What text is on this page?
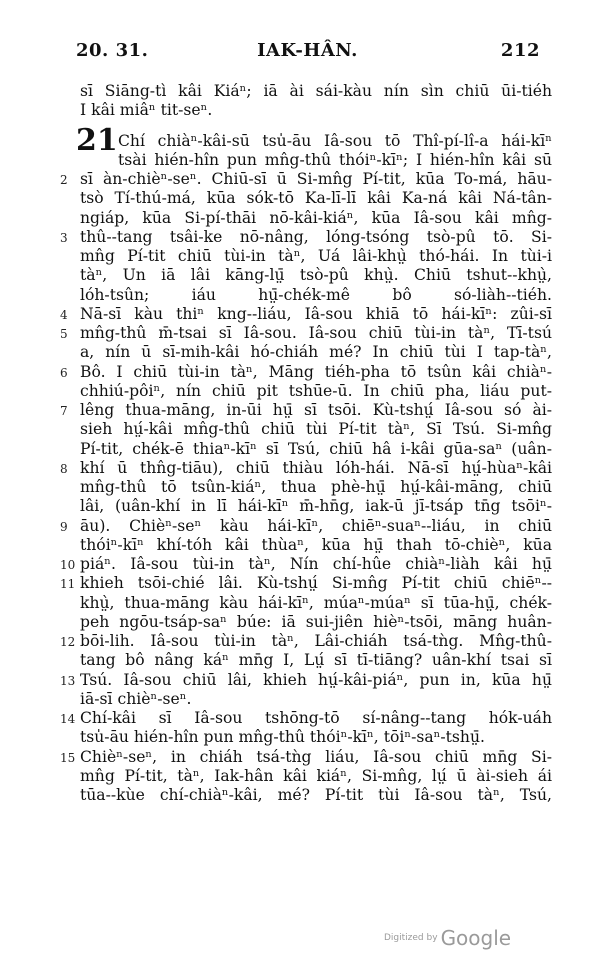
20. 31.	IAK-HÂN.	212
sī Siāng-tì kâi Kiáⁿ; iā ài sái-kàu nín sìn chiū ūi-tiéh
I kâi miâⁿ tit-seⁿ.
21 Chí chiàⁿ-kâi-sū tsu̍-āu Iâ-sou tō Thî-pí-lî-a hái-kīⁿ
tsài hién-hîn pun mn̂g-thû thóiⁿ-kīⁿ; I hién-hîn kâi sū
2 sī àn-chièⁿ-seⁿ. Chiū-sī ū Si-mn̂g Pí-tit, kūa To-má, hāu-
tsò Tí-thú-má, kūa sók-tō Ka-lī-lī kâi Ka-ná kâi Ná-tân-
ngiáp, kūa Si-pí-thāi nō-kâi-kiáⁿ, kūa Iâ-sou kâi mn̂g-
3 thû--tang tsâi-ke nō-nâng, lóng-tsóng tsò-pû tō. Si-
mn̂g Pí-tit chiū tùi-in tàⁿ, Uá lâi-khṳ̀ thó-hái. In tùi-i
tàⁿ, Un iā lâi kāng-lṳ̄ tsò-pû khṳ̀. Chiū tshut--khṳ̀,
lóh-tsûn; iáu hṳ̄-chék-mê bô só-liàh--tiéh.
4 Nā-sī kàu thiⁿ kng--liáu, Iâ-sou khiā tō hái-kīⁿ: zûi-sī
5 mn̂g-thû m̄-tsai sī Iâ-sou. Iâ-sou chiū tùi-in tàⁿ, Tī-tsú
a, nín ū sī-mih-kâi hó-chiáh mé? In chiū tùi I tap-tàⁿ,
6 Bô. I chiū tùi-in tàⁿ, Māng tiéh-pha tō tsûn kâi chiàⁿ-
chhiú-pôiⁿ, nín chiū pit tshūe-ū. In chiū pha, liáu put-
7 lêng thua-māng, in-ūi hṳ̄ sī tsōi. Kù-tshṳ́ Iâ-sou só ài-
sieh hṳ́-kâi mn̂g-thû chiū tùi Pí-tit tàⁿ, Sī Tsú. Si-mn̂g
Pí-tit, chék-ē thiaⁿ-kīⁿ sī Tsú, chiū hâ i-kâi gūa-saⁿ (uân-
8 khí ū thn̂g-tiāu), chiū thiàu lóh-hái. Nā-sī hṳ́-hùaⁿ-kâi
mn̂g-thû tō tsûn-kiáⁿ, thua phè-hṳ̄ hṳ́-kâi-māng, chiū
lâi, (uân-khí in lī hái-kīⁿ m̄-hn̄g, iak-ū jī-tsáp tn̄g tsōiⁿ-
9 āu). Chièⁿ-seⁿ kàu hái-kīⁿ, chiēⁿ-suaⁿ--liáu, in chiū
thóiⁿ-kīⁿ khí-tóh kâi thùaⁿ, kūa hṳ̄ thah tō-chièⁿ, kūa
10 piáⁿ. Iâ-sou tùi-in tàⁿ, Nín chí-hûe chiàⁿ-liàh kâi hṳ̄
11 khieh tsōi-chié lâi. Kù-tshṳ́ Si-mn̂g Pí-tit chiū chiēⁿ--
khṳ̀, thua-māng kàu hái-kīⁿ, múaⁿ-múaⁿ sī tūa-hṳ̄, chék-
peh ngōu-tsáp-saⁿ búe: iā sui-jiên hièⁿ-tsōi, māng huân-
12 bōi-lih. Iâ-sou tùi-in tàⁿ, Lâi-chiáh tsá-tǹg. Mn̂g-thû-
tang bô nâng káⁿ mn̄g I, Lṳ́ sī tī-tiāng? uân-khí tsai sī
13 Tsú. Iâ-sou chiū lâi, khieh hṳ́-kâi-piáⁿ, pun in, kūa hṳ̄
iā-sī chièⁿ-seⁿ.
14 Chí-kâi sī Iâ-sou tshōng-tō sí-nâng--tang hók-uáh
tsu̍-āu hién-hîn pun mn̂g-thû thóiⁿ-kīⁿ, tōiⁿ-saⁿ-tshṳ̄.
15 Chièⁿ-seⁿ, in chiáh tsá-tǹg liáu, Iâ-sou chiū mn̄g Si-
mn̂g Pí-tit, tàⁿ, Iak-hân kâi kiáⁿ, Si-mn̂g, lṳ́ ū ài-sieh ái
tūa--kùe chí-chiàⁿ-kâi, mé? Pí-tit tùi Iâ-sou tàⁿ, Tsú,
Digitized by Google
